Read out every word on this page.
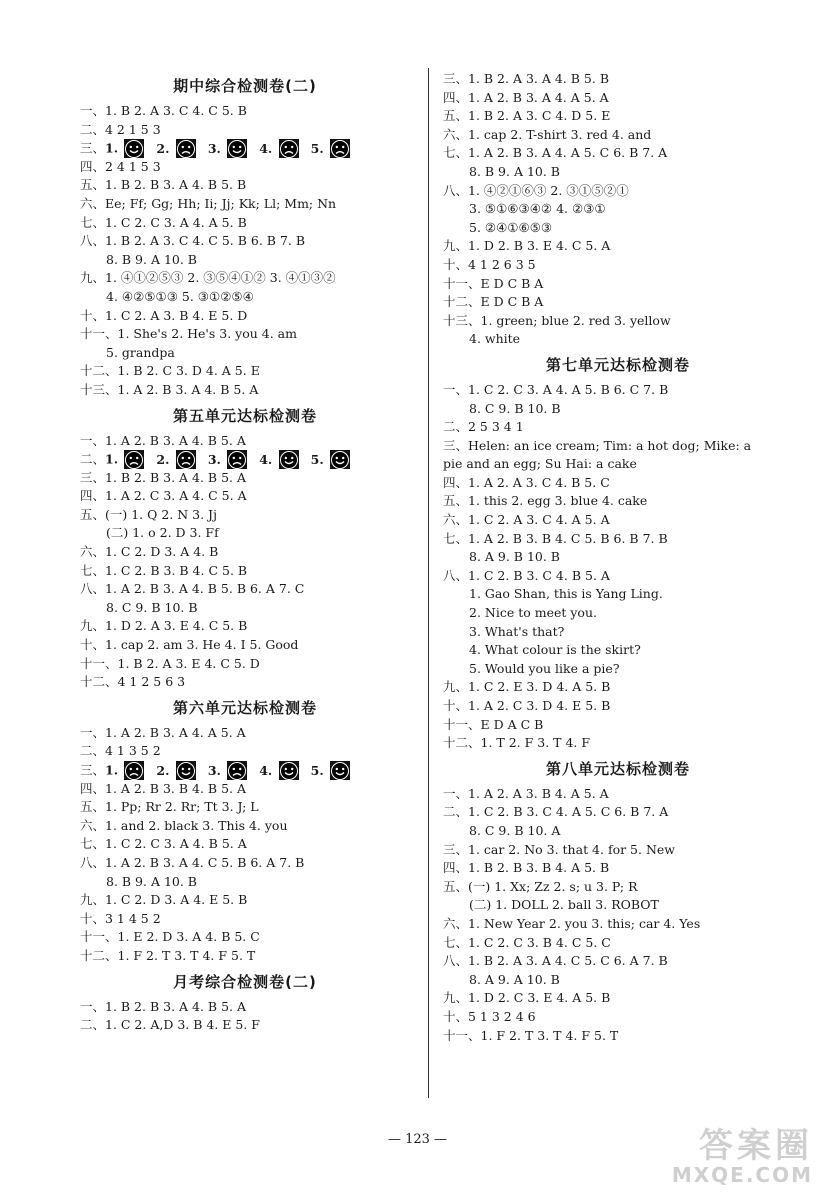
期中综合检测卷(二)
一、1. B 2. A 3. C 4. C 5. B
二、4 2 1 5 3
三、1.	2.	3.	4.	5.
四、2 4 1 5 3
五、1. B 2. B 3. A 4. B 5. B
六、Ee; Ff; Gg; Hh; Ii; Jj; Kk; Ll; Mm; Nn
七、1. C 2. C 3. A 4. A 5. B
八、1. B 2. A 3. C 4. C 5. B 6. B 7. B
8. B 9. A 10. B
九、1. ④①②⑤③ 2. ③⑤④①② 3. ④①③②
4. ④②⑤①③ 5. ③①②⑤④
十、1. C 2. A 3. B 4. E 5. D
十一、1. She's 2. He's 3. you 4. am
5. grandpa
十二、1. B 2. C 3. D 4. A 5. E
十三、1. A 2. B 3. A 4. B 5. A
第五单元达标检测卷
一、1. A 2. B 3. A 4. B 5. A
二、1.	2.	3.	4.	5.
三、1. B 2. B 3. A 4. B 5. A
四、1. A 2. C 3. A 4. C 5. A
五、(一) 1. Q 2. N 3. Jj
(二) 1. o 2. D 3. Ff
六、1. C 2. D 3. A 4. B
七、1. C 2. B 3. B 4. C 5. B
八、1. A 2. B 3. A 4. B 5. B 6. A 7. C
8. C 9. B 10. B
九、1. D 2. A 3. E 4. C 5. B
十、1. cap 2. am 3. He 4. I 5. Good
十一、1. B 2. A 3. E 4. C 5. D
十二、4 1 2 5 6 3
第六单元达标检测卷
一、1. A 2. B 3. A 4. A 5. A
二、4 1 3 5 2
三、1.	2.	3.	4.	5.
四、1. A 2. B 3. B 4. B 5. A
五、1. Pp; Rr 2. Rr; Tt 3. J; L
六、1. and 2. black 3. This 4. you
七、1. C 2. C 3. A 4. B 5. A
八、1. A 2. B 3. A 4. C 5. B 6. A 7. B
8. B 9. A 10. B
九、1. C 2. D 3. A 4. E 5. B
十、3 1 4 5 2
十一、1. E 2. D 3. A 4. B 5. C
十二、1. F 2. T 3. T 4. F 5. T
月考综合检测卷(二)
一、1. B 2. B 3. A 4. B 5. A
二、1. C 2. A,D 3. B 4. E 5. F
三、1. B 2. A 3. A 4. B 5. B
四、1. A 2. B 3. A 4. A 5. A
五、1. B 2. A 3. C 4. D 5. E
六、1. cap 2. T-shirt 3. red 4. and
七、1. A 2. B 3. A 4. A 5. C 6. B 7. A
8. B 9. A 10. B
八、1. ④②①⑥③ 2. ③①⑤②①
3. ⑤①⑥③④② 4. ②③①
5. ②④①⑥⑤③
九、1. D 2. B 3. E 4. C 5. A
十、4 1 2 6 3 5
十一、E D C B A
十二、E D C B A
十三、1. green; blue 2. red 3. yellow
4. white
第七单元达标检测卷
一、1. C 2. C 3. A 4. A 5. B 6. C 7. B
8. C 9. B 10. B
二、2 5 3 4 1
三、Helen: an ice cream; Tim: a hot dog; Mike: a
pie and an egg; Su Hai: a cake
四、1. A 2. A 3. C 4. B 5. C
五、1. this 2. egg 3. blue 4. cake
六、1. C 2. A 3. C 4. A 5. A
七、1. A 2. B 3. B 4. C 5. B 6. B 7. B
8. A 9. B 10. B
八、1. C 2. B 3. C 4. B 5. A
1. Gao Shan, this is Yang Ling.
2. Nice to meet you.
3. What's that?
4. What colour is the skirt?
5. Would you like a pie?
九、1. C 2. E 3. D 4. A 5. B
十、1. A 2. C 3. D 4. E 5. B
十一、E D A C B
十二、1. T 2. F 3. T 4. F
第八单元达标检测卷
一、1. A 2. A 3. B 4. A 5. A
二、1. C 2. B 3. C 4. A 5. C 6. B 7. A
8. C 9. B 10. A
三、1. car 2. No 3. that 4. for 5. New
四、1. B 2. B 3. B 4. A 5. B
五、(一) 1. Xx; Zz 2. s; u 3. P; R
(二) 1. DOLL 2. ball 3. ROBOT
六、1. New Year 2. you 3. this; car 4. Yes
七、1. C 2. C 3. B 4. C 5. C
八、1. B 2. A 3. A 4. C 5. C 6. A 7. B
8. A 9. A 10. B
九、1. D 2. C 3. E 4. A 5. B
十、5 1 3 2 4 6
十一、1. F 2. T 3. T 4. F 5. T
— 123 —	答案圈
MXQE.COM
